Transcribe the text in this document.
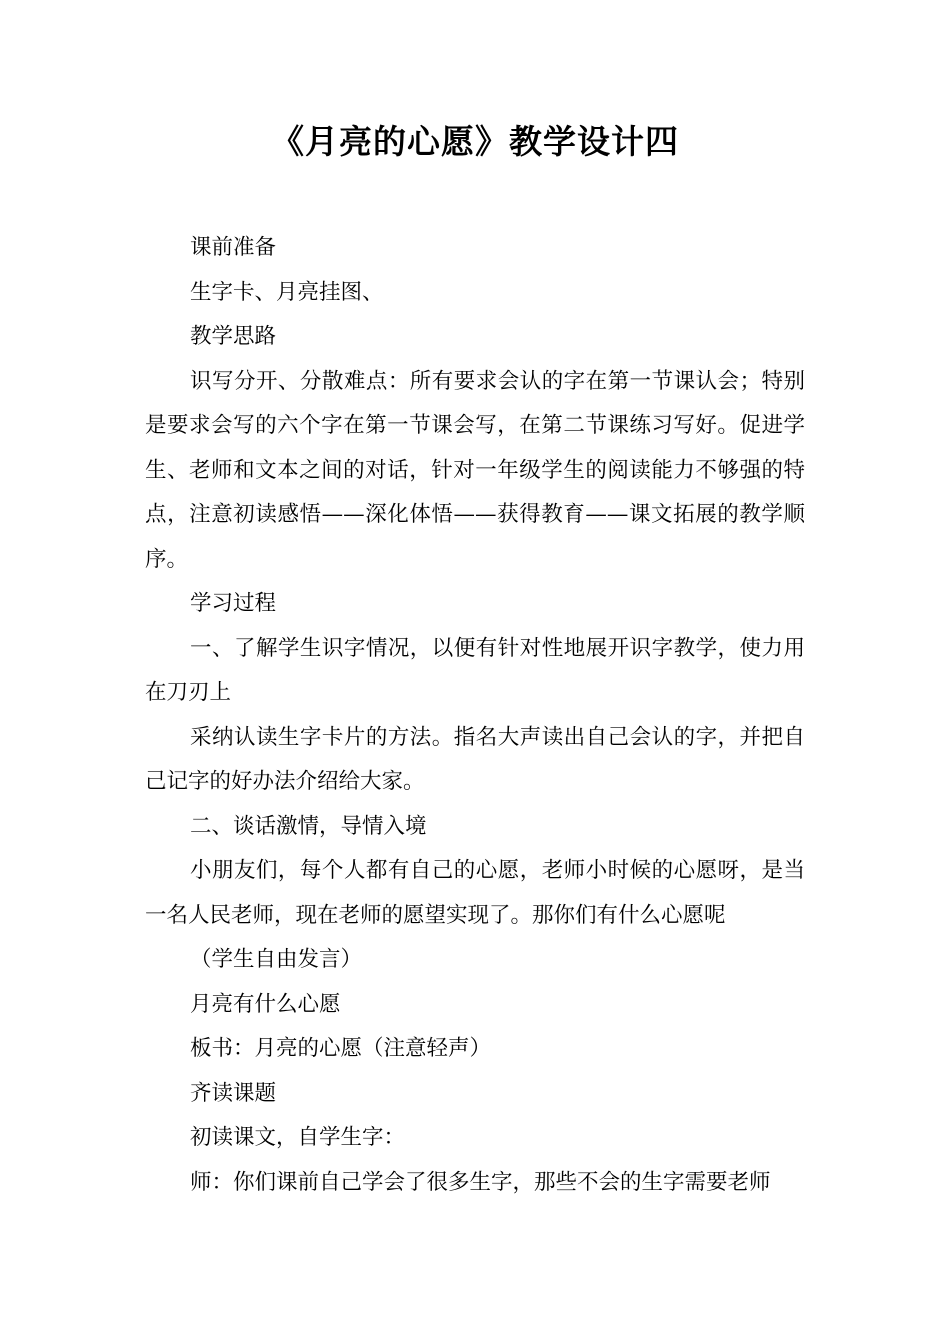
《月亮的心愿》教学设计四

课前准备

生字卡、月亮挂图、

教学思路

识写分开、分散难点：所有要求会认的字在第一节课认会；特别是要求会写的六个字在第一节课会写，在第二节课练习写好。促进学生、老师和文本之间的对话，针对一年级学生的阅读能力不够强的特点，注意初读感悟——深化体悟——获得教育——课文拓展的教学顺序。

学习过程

一、了解学生识字情况，以便有针对性地展开识字教学，使力用在刀刃上

采纳认读生字卡片的方法。指名大声读出自己会认的字，并把自己记字的好办法介绍给大家。

二、谈话激情，导情入境

小朋友们，每个人都有自己的心愿，老师小时候的心愿呀，是当一名人民老师，现在老师的愿望实现了。那你们有什么心愿呢

（学生自由发言）

月亮有什么心愿

板书：月亮的心愿（注意轻声）

齐读课题

初读课文，自学生字：

师：你们课前自己学会了很多生字，那些不会的生字需要老师
